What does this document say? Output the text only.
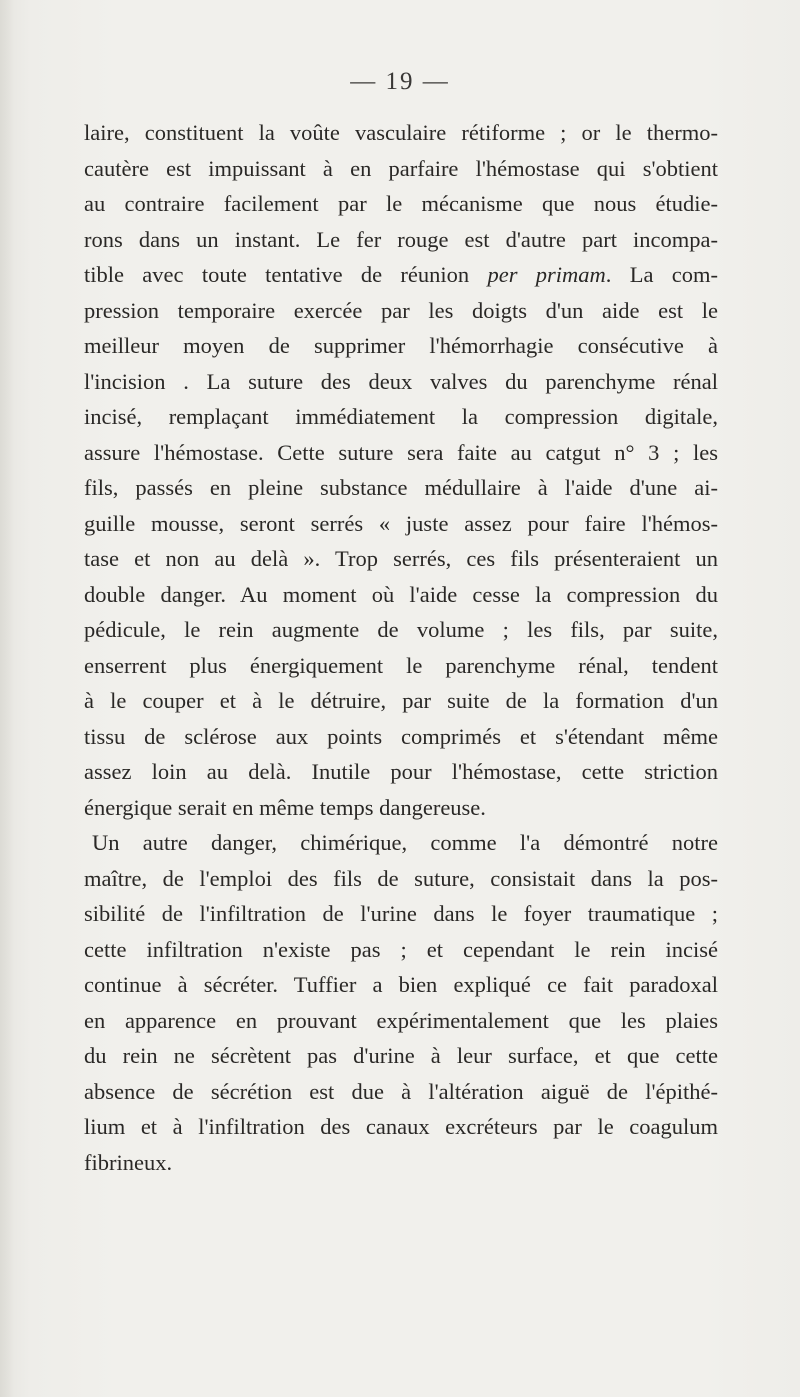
— 19 —
laire, constituent la voûte vasculaire rétiforme ; or le thermo-
cautère est impuissant à en parfaire l'hémostase qui s'obtient
au contraire facilement par le mécanisme que nous étudie-
rons dans un instant. Le fer rouge est d'autre part incompa-
tible avec toute tentative de réunion per primam. La com-
pression temporaire exercée par les doigts d'un aide est le
meilleur moyen de supprimer l'hémorrhagie consécutive à
l'incision . La suture des deux valves du parenchyme rénal
incisé, remplaçant immédiatement la compression digitale,
assure l'hémostase. Cette suture sera faite au catgut n° 3 ; les
fils, passés en pleine substance médullaire à l'aide d'une ai-
guille mousse, seront serrés « juste assez pour faire l'hémos-
tase et non au delà ». Trop serrés, ces fils présenteraient un
double danger. Au moment où l'aide cesse la compression du
pédicule, le rein augmente de volume ; les fils, par suite,
enserrent plus énergiquement le parenchyme rénal, tendent
à le couper et à le détruire, par suite de la formation d'un
tissu de sclérose aux points comprimés et s'étendant même
assez loin au delà. Inutile pour l'hémostase, cette striction
énergique serait en même temps dangereuse.
Un autre danger, chimérique, comme l'a démontré notre
maître, de l'emploi des fils de suture, consistait dans la pos-
sibilité de l'infiltration de l'urine dans le foyer traumatique ;
cette infiltration n'existe pas ; et cependant le rein incisé
continue à sécréter. Tuffier a bien expliqué ce fait paradoxal
en apparence en prouvant expérimentalement que les plaies
du rein ne sécrètent pas d'urine à leur surface, et que cette
absence de sécrétion est due à l'altération aiguë de l'épithé-
lium et à l'infiltration des canaux excréteurs par le coagulum
fibrineux.
